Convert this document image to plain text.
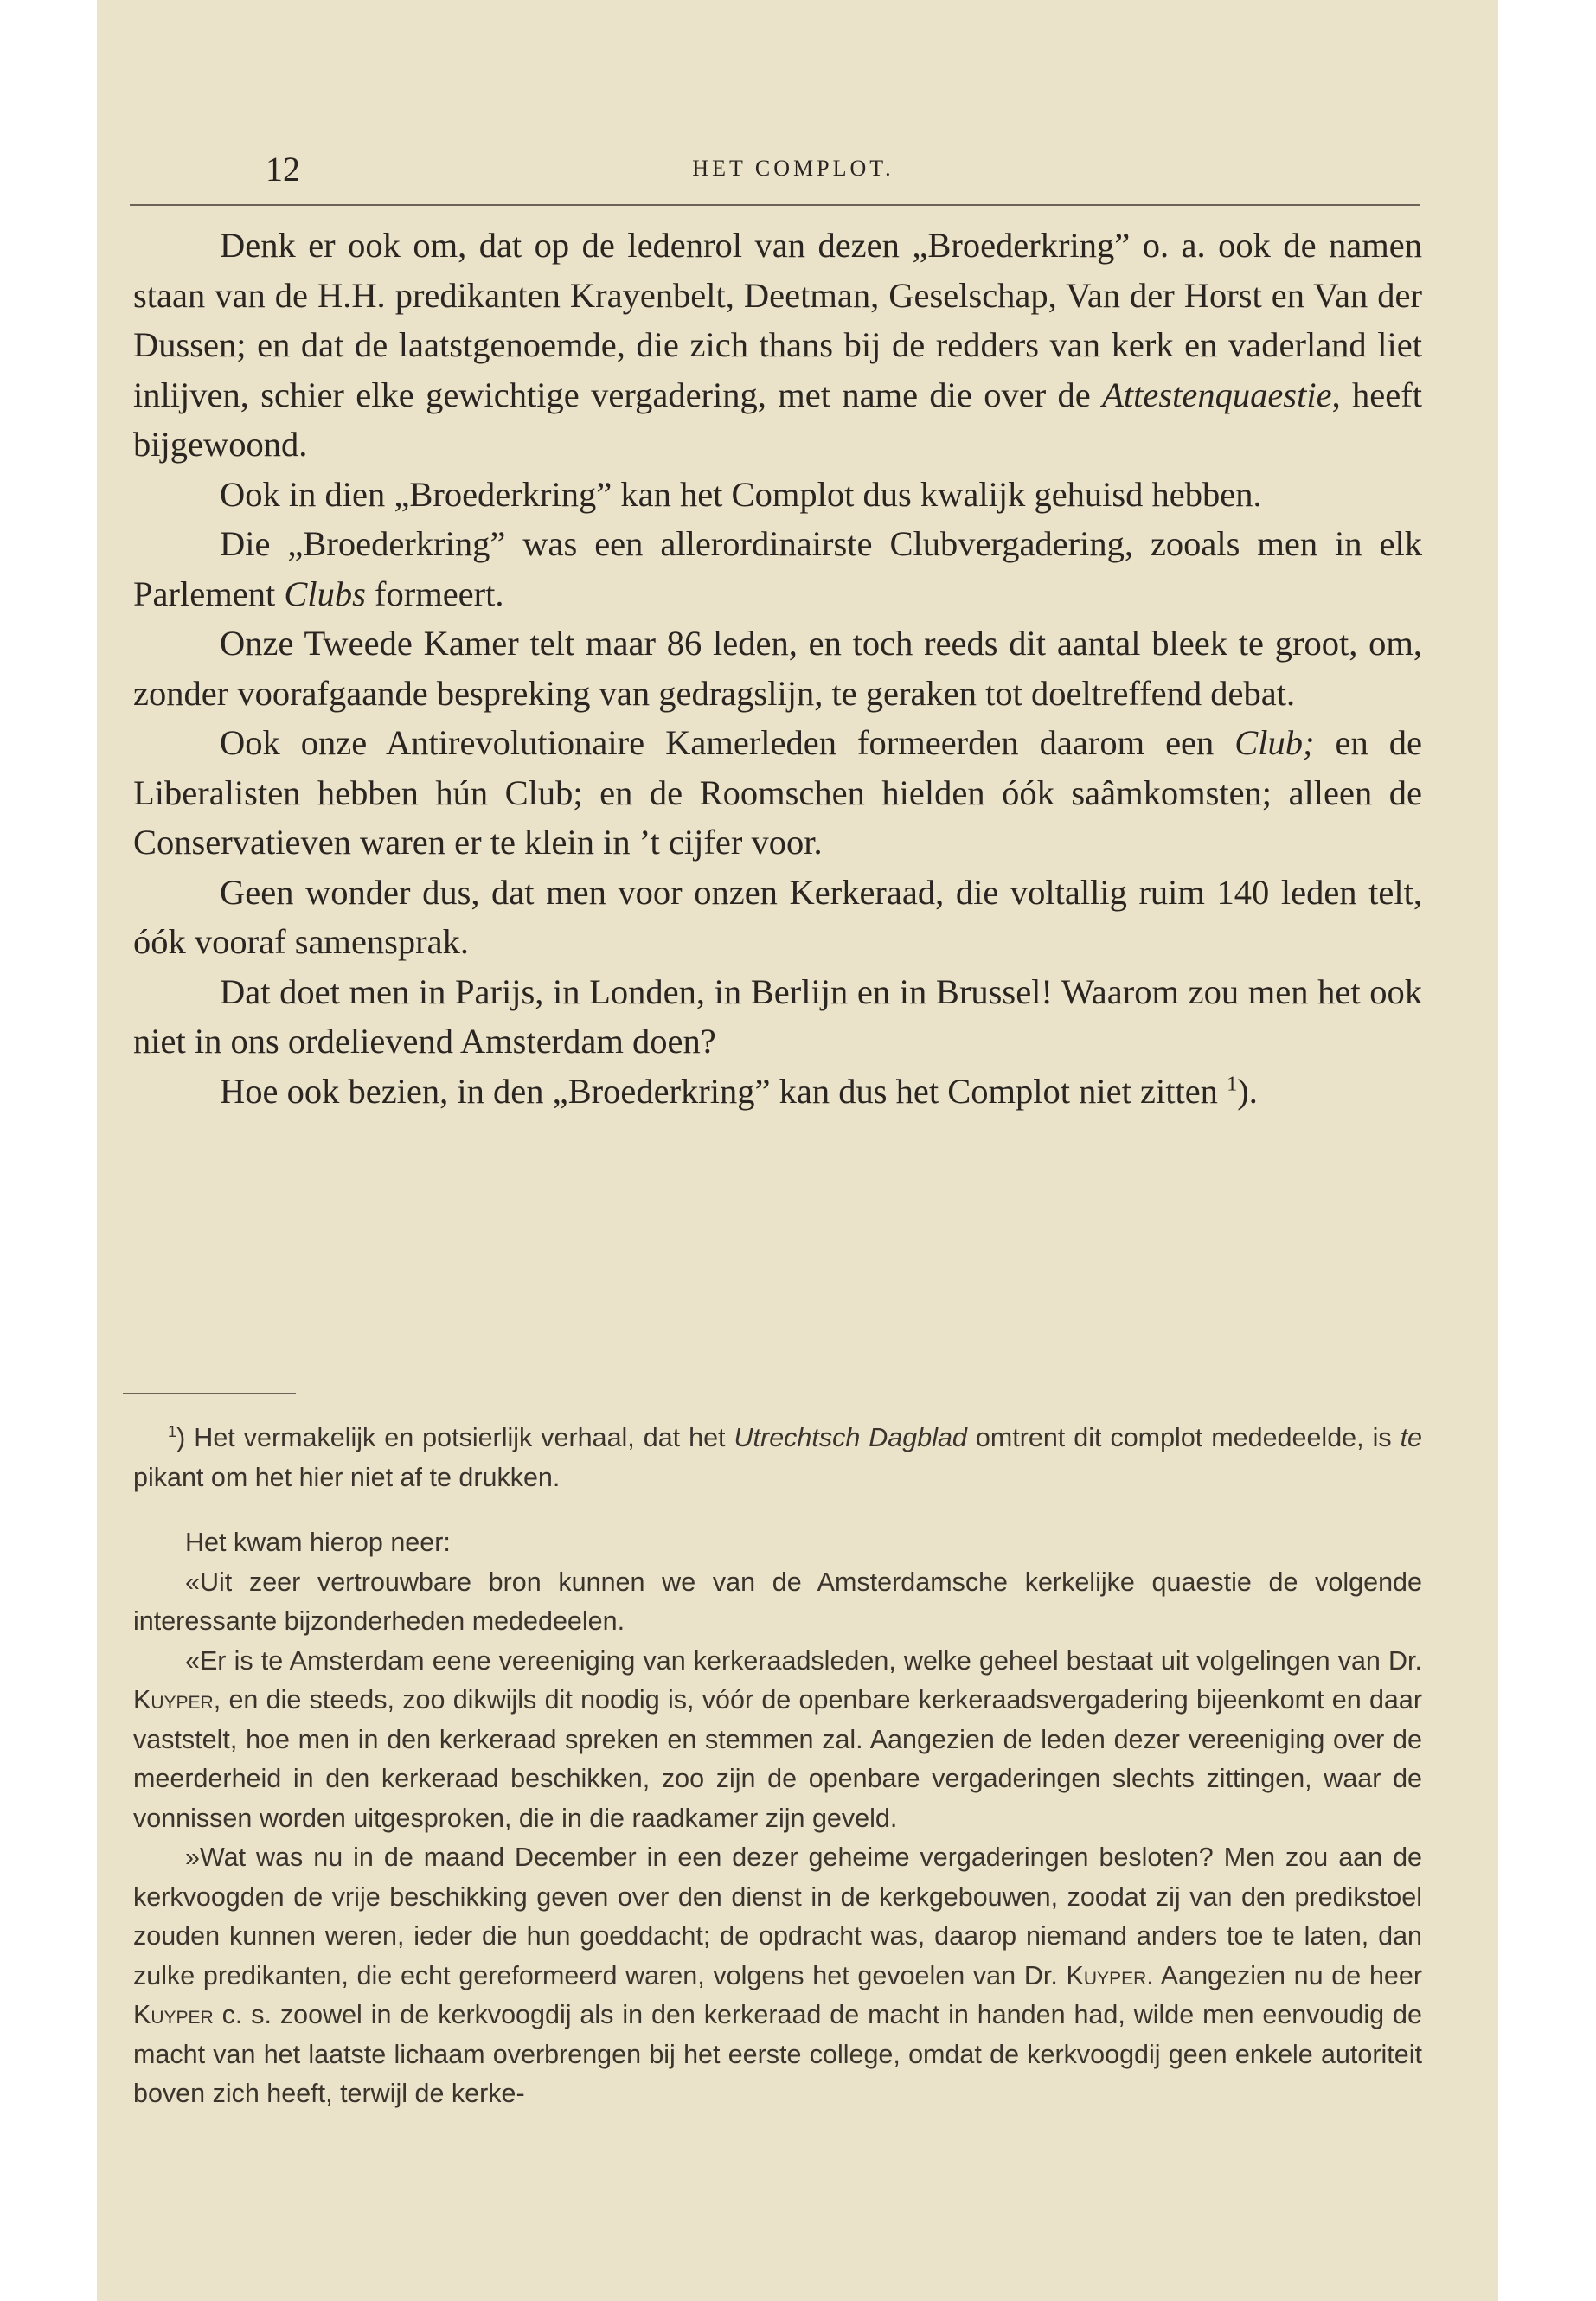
12	HET COMPLOT.

Denk er ook om, dat op de ledenrol van dezen „Broederkring” o. a. ook de namen staan van de H.H. predikanten Krayenbelt, Deetman, Geselschap, Van der Horst en Van der Dussen; en dat de laatstgenoemde, die zich thans bij de redders van kerk en vaderland liet inlijven, schier elke gewichtige vergadering, met name die over de Attestenquaestie, heeft bijgewoond.

Ook in dien „Broederkring” kan het Complot dus kwalijk gehuisd hebben.

Die „Broederkring” was een allerordinairste Clubvergadering, zooals men in elk Parlement Clubs formeert.

Onze Tweede Kamer telt maar 86 leden, en toch reeds dit aantal bleek te groot, om, zonder voorafgaande bespreking van gedragslijn, te geraken tot doeltreffend debat.

Ook onze Antirevolutionaire Kamerleden formeerden daarom een Club; en de Liberalisten hebben hún Club; en de Roomschen hielden óók saâmkomsten; alleen de Conservatieven waren er te klein in ’t cijfer voor.

Geen wonder dus, dat men voor onzen Kerkeraad, die voltallig ruim 140 leden telt, óók vooraf samensprak.

Dat doet men in Parijs, in Londen, in Berlijn en in Brussel! Waarom zou men het ook niet in ons ordelievend Amsterdam doen?

Hoe ook bezien, in den „Broederkring” kan dus het Complot niet zitten $^1$).

$^1$) Het vermakelijk en potsierlijk verhaal, dat het Utrechtsch Dagblad omtrent dit complot mededeelde, is te pikant om het hier niet af te drukken.

Het kwam hierop neer:

«Uit zeer vertrouwbare bron kunnen we van de Amsterdamsche kerkelijke quaestie de volgende interessante bijzonderheden mededeelen.

«Er is te Amsterdam eene vereeniging van kerkeraadsleden, welke geheel bestaat uit volgelingen van Dr. Kuyper, en die steeds, zoo dikwijls dit noodig is, vóór de openbare kerkeraadsvergadering bijeenkomt en daar vaststelt, hoe men in den kerkeraad spreken en stemmen zal. Aangezien de leden dezer vereeniging over de meerderheid in den kerkeraad beschikken, zoo zijn de openbare vergaderingen slechts zittingen, waar de vonnissen worden uitgesproken, die in die raadkamer zijn geveld.

»Wat was nu in de maand December in een dezer geheime vergaderingen besloten? Men zou aan de kerkvoogden de vrije beschikking geven over den dienst in de kerkgebouwen, zoodat zij van den predikstoel zouden kunnen weren, ieder die hun goeddacht; de opdracht was, daarop niemand anders toe te laten, dan zulke predikanten, die echt gereformeerd waren, volgens het gevoelen van Dr. Kuyper. Aangezien nu de heer Kuyper c. s. zoowel in de kerkvoogdij als in den kerkeraad de macht in handen had, wilde men eenvoudig de macht van het laatste lichaam overbrengen bij het eerste college, omdat de kerkvoogdij geen enkele autoriteit boven zich heeft, terwijl de kerke-
